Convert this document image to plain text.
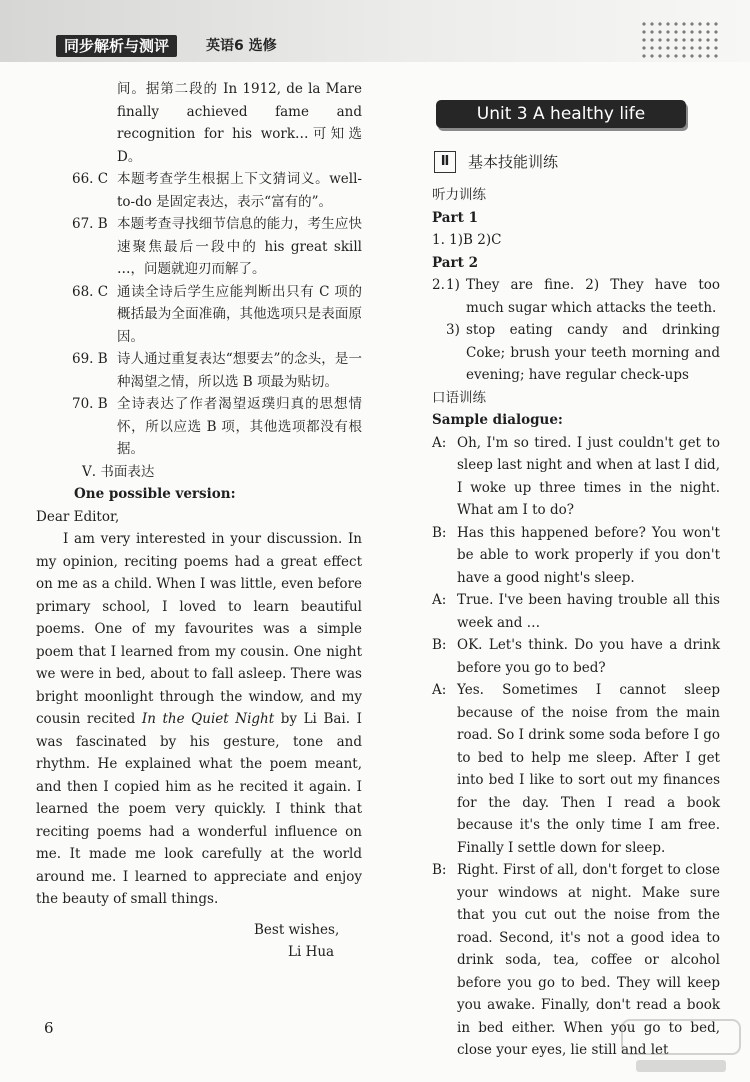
同步解析与测评	英语6 选修

间。据第二段的 In 1912, de la Mare finally achieved fame and recognition for his work…可知选 D。

66. C 本题考查学生根据上下文猜词义。well-to-do 是固定表达，表示“富有的”。
67. B 本题考查寻找细节信息的能力，考生应快速聚焦最后一段中的 his great skill …，问题就迎刃而解了。
68. C 通读全诗后学生应能判断出只有 C 项的概括最为全面准确，其他选项只是表面原因。
69. B 诗人通过重复表达“想要去”的念头，是一种渴望之情，所以选 B 项最为贴切。
70. B 全诗表达了作者渴望返璞归真的思想情怀，所以应选 B 项，其他选项都没有根据。
Ⅴ. 书面表达
One possible version:
Dear Editor,

I am very interested in your discussion. In my opinion, reciting poems had a great effect on me as a child. When I was little, even before primary school, I loved to learn beautiful poems. One of my favourites was a simple poem that I learned from my cousin. One night we were in bed, about to fall asleep. There was bright moonlight through the window, and my cousin recited In the Quiet Night by Li Bai. I was fascinated by his gesture, tone and rhythm. He explained what the poem meant, and then I copied him as he recited it again. I learned the poem very quickly. I think that reciting poems had a wonderful influence on me. It made me look carefully at the world around me. I learned to appreciate and enjoy the beauty of small things.

Best wishes,
Li Hua
Unit 3 A healthy life
Ⅱ	基本技能训练
听力训练
Part 1
1. 1)B 2)C
Part 2
2. 1) They are fine. 2) They have too much sugar which attacks the teeth.
3) stop eating candy and drinking Coke; brush your teeth morning and evening; have regular check-ups
口语训练
Sample dialogue:
A: Oh, I'm so tired. I just couldn't get to sleep last night and when at last I did, I woke up three times in the night. What am I to do?
B: Has this happened before? You won't be able to work properly if you don't have a good night's sleep.
A: True. I've been having trouble all this week and …
B: OK. Let's think. Do you have a drink before you go to bed?
A: Yes. Sometimes I cannot sleep because of the noise from the main road. So I drink some soda before I go to bed to help me sleep. After I get into bed I like to sort out my finances for the day. Then I read a book because it's the only time I am free. Finally I settle down for sleep.
B: Right. First of all, don't forget to close your windows at night. Make sure that you cut out the noise from the road. Second, it's not a good idea to drink soda, tea, coffee or alcohol before you go to bed. They will keep you awake. Finally, don't read a book in bed either. When you go to bed, close your eyes, lie still and let
6
